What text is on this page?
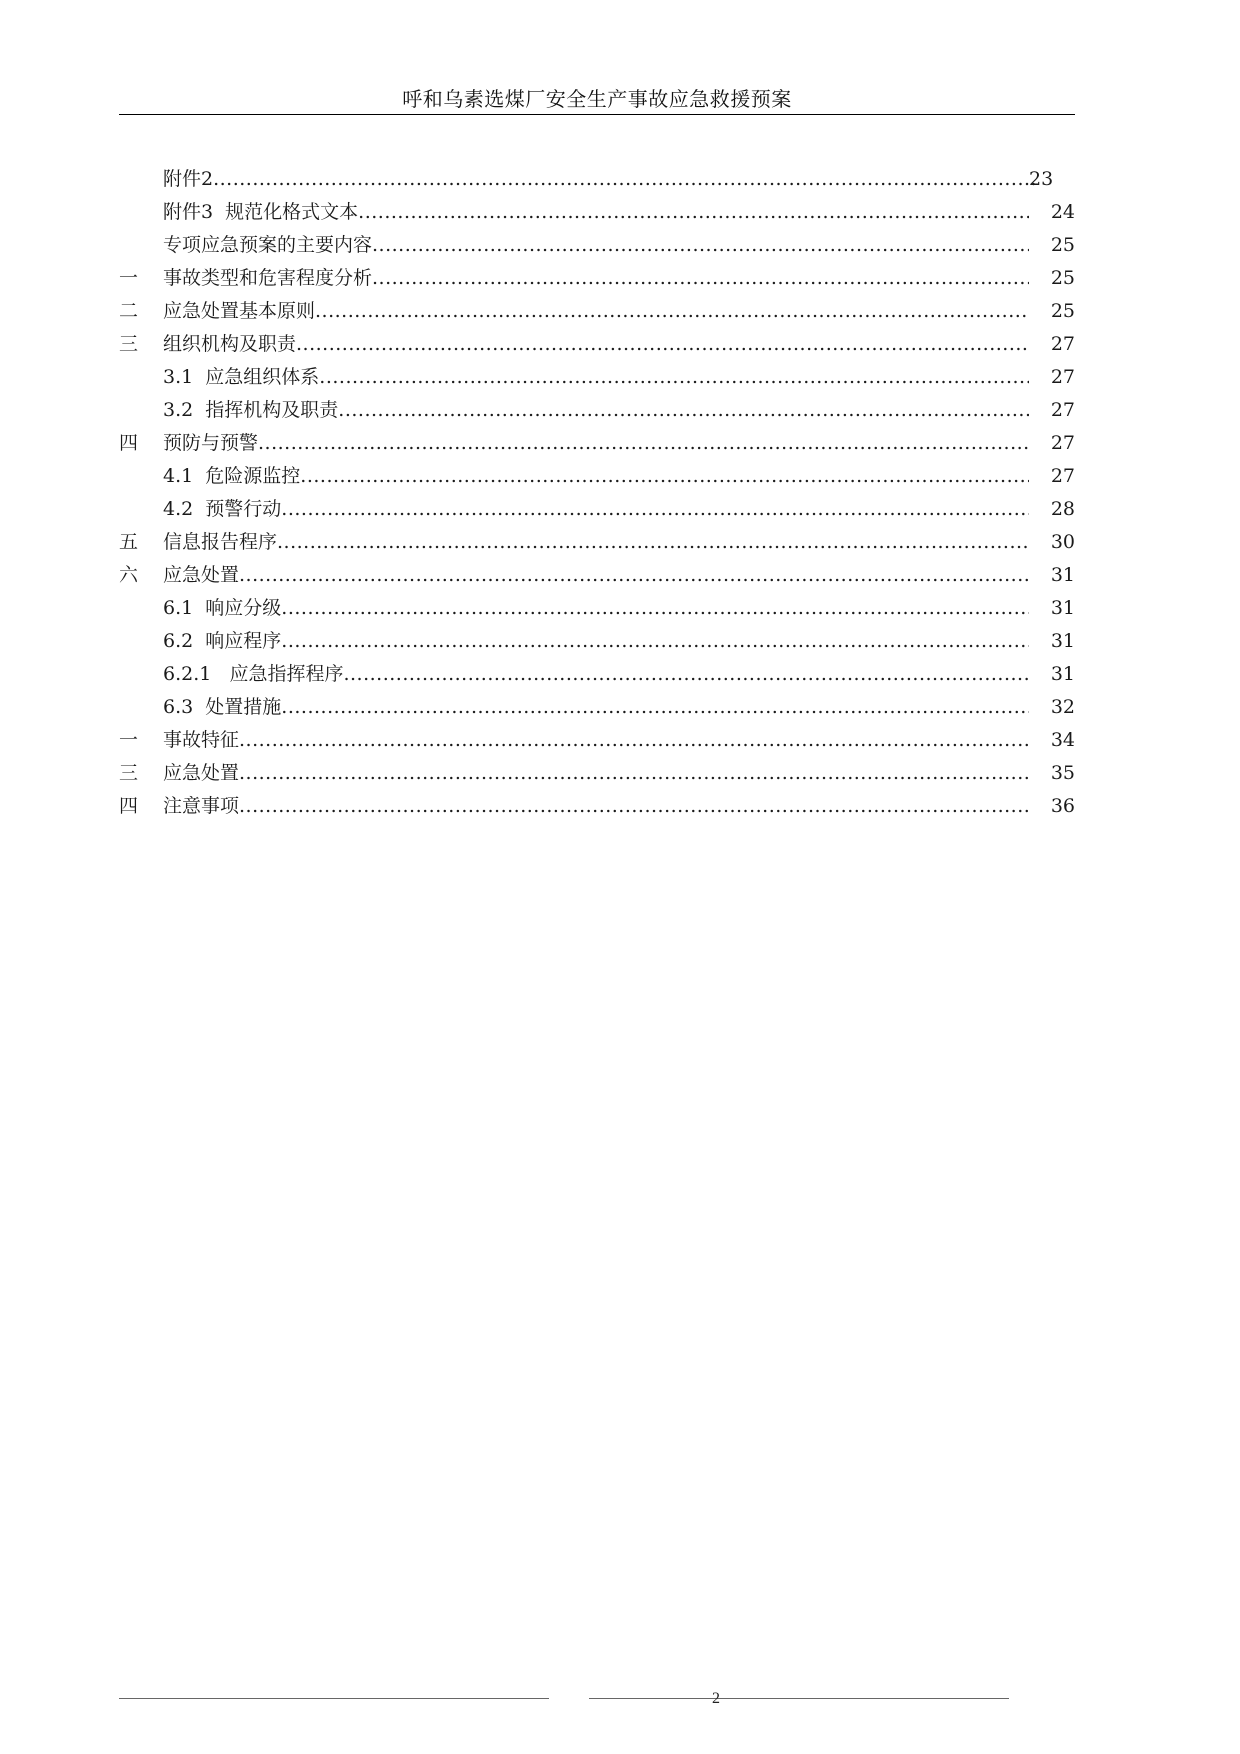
呼和乌素选煤厂安全生产事故应急救援预案
附件2 .....	23
附件3  规范化格式文本 .....	24
专项应急预案的主要内容 .....	25
一	事故类型和危害程度分析 .....	25
二	应急处置基本原则 .....	25
三	组织机构及职责 .....	27
3.1  应急组织体系 .....	27
3.2  指挥机构及职责 .....	27
四	预防与预警 .....	27
4.1  危险源监控 .....	27
4.2  预警行动 .....	28
五	信息报告程序 .....	30
六	应急处置 .....	31
6.1  响应分级 .....	31
6.2  响应程序 .....	31
6.2.1   应急指挥程序 .....	31
6.3  处置措施 .....	32
一	事故特征 .....	34
三	应急处置 .....	35
四	注意事项 .....	36
2
